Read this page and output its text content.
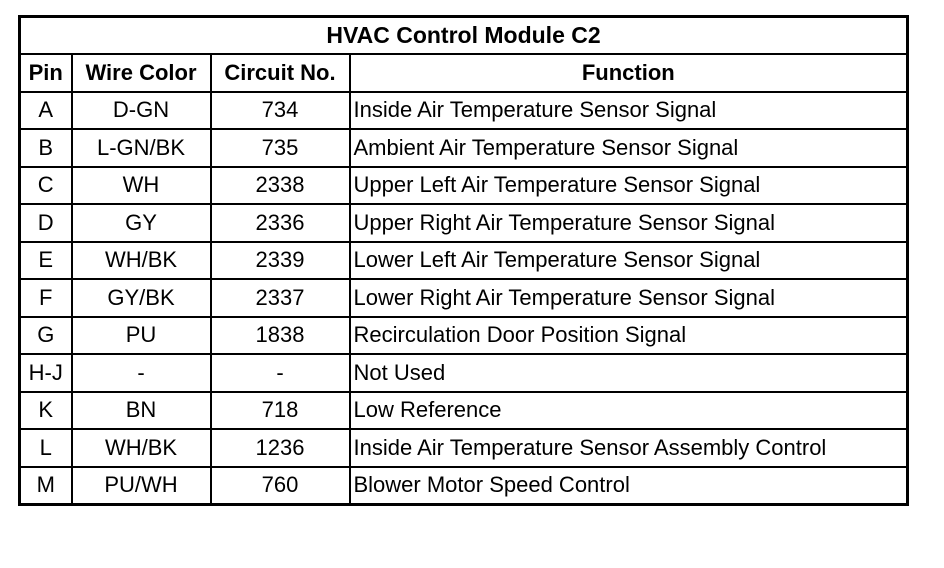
HVAC Control Module C2			
Pin	Wire Color	Circuit No.	Function
A	D-GN	734	Inside Air Temperature Sensor Signal
B	L-GN/BK	735	Ambient Air Temperature Sensor Signal
C	WH	2338	Upper Left Air Temperature Sensor Signal
D	GY	2336	Upper Right Air Temperature Sensor Signal
E	WH/BK	2339	Lower Left Air Temperature Sensor Signal
F	GY/BK	2337	Lower Right Air Temperature Sensor Signal
G	PU	1838	Recirculation Door Position Signal
H-J	-	-	Not Used
K	BN	718	Low Reference
L	WH/BK	1236	Inside Air Temperature Sensor Assembly Control
M	PU/WH	760	Blower Motor Speed Control
